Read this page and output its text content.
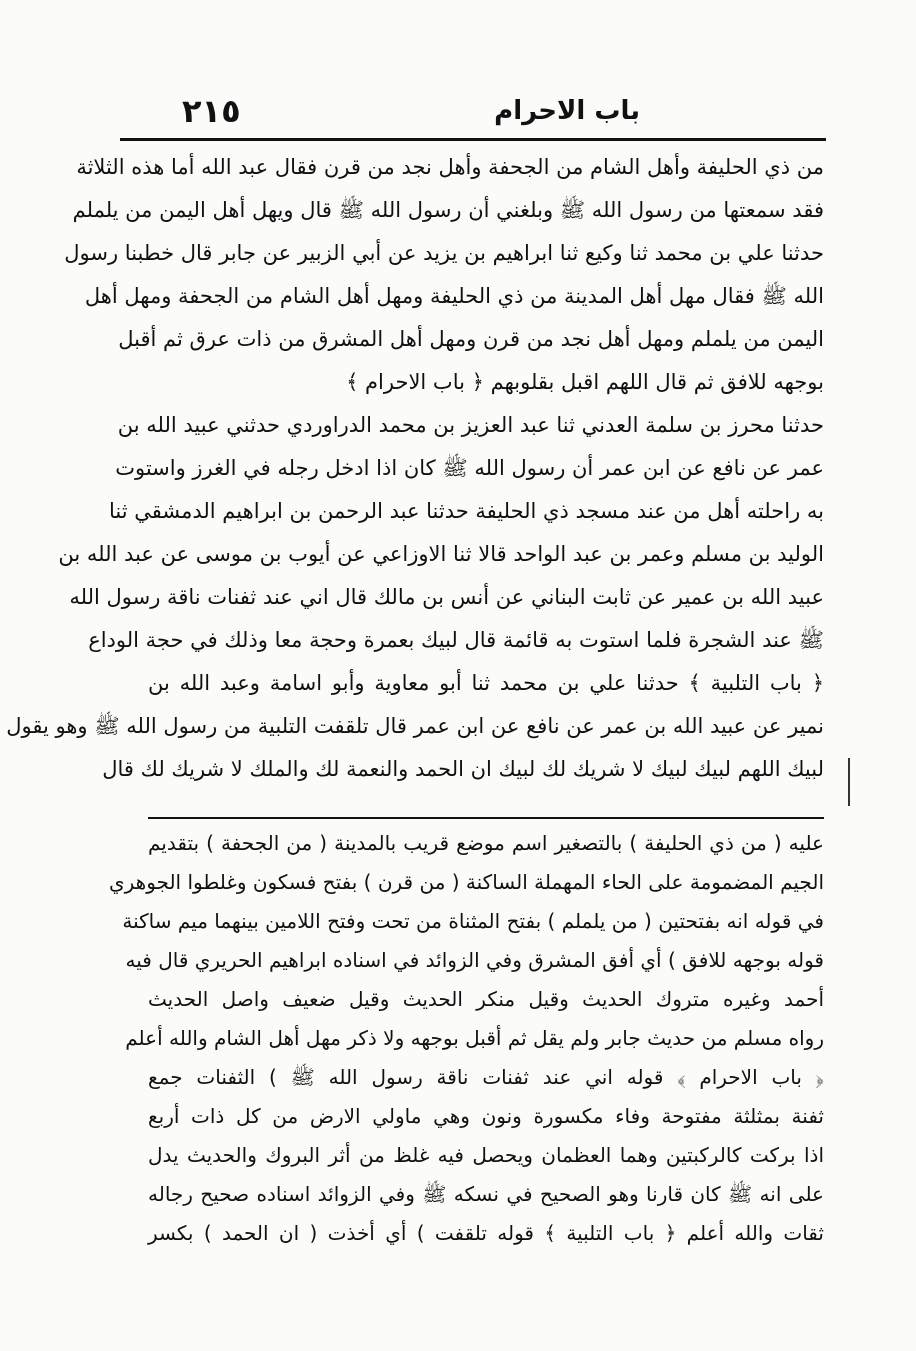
باب الاحرام
٢١٥
من ذي الحليفة وأهل الشام من الجحفة وأهل نجد من قرن فقال عبد الله أما هذه الثلاثة
فقد سمعتها من رسول الله ﷺ وبلغني أن رسول الله ﷺ قال ويهل أهل اليمن من يلملم
حدثنا علي بن محمد ثنا وكيع ثنا ابراهيم بن يزيد عن أبي الزبير عن جابر قال خطبنا رسول
الله ﷺ فقال مهل أهل المدينة من ذي الحليفة ومهل أهل الشام من الجحفة ومهل أهل
اليمن من يلملم ومهل أهل نجد من قرن ومهل أهل المشرق من ذات عرق ثم أقبل
بوجهه للافق ثم قال اللهم اقبل بقلوبهم ﴿ باب الاحرام ﴾
حدثنا محرز بن سلمة العدني ثنا عبد العزيز بن محمد الدراوردي حدثني عبيد الله بن
عمر عن نافع عن ابن عمر أن رسول الله ﷺ كان اذا ادخل رجله في الغرز واستوت
به راحلته أهل من عند مسجد ذي الحليفة حدثنا عبد الرحمن بن ابراهيم الدمشقي ثنا
الوليد بن مسلم وعمر بن عبد الواحد قالا ثنا الاوزاعي عن أيوب بن موسى عن عبد الله بن
عبيد الله بن عمير عن ثابت البناني عن أنس بن مالك قال اني عند ثفنات ناقة رسول الله
ﷺ عند الشجرة فلما استوت به قائمة قال لبيك بعمرة وحجة معا وذلك في حجة الوداع
﴿ باب التلبية ﴾ حدثنا علي بن محمد ثنا أبو معاوية وأبو اسامة وعبد الله بن
نمير عن عبيد الله بن عمر عن نافع عن ابن عمر قال تلقفت التلبية من رسول الله ﷺ وهو يقول
لبيك اللهم لبيك لبيك لا شريك لك لبيك ان الحمد والنعمة لك والملك لا شريك لك قال
عليه ( من ذي الحليفة ) بالتصغير اسم موضع قريب بالمدينة ( من الجحفة ) بتقديم
الجيم المضمومة على الحاء المهملة الساكنة ( من قرن ) بفتح فسكون وغلطوا الجوهري
في قوله انه بفتحتين ( من يلملم ) بفتح المثناة من تحت وفتح اللامين بينهما ميم ساكنة
قوله بوجهه للافق ) أي أفق المشرق وفي الزوائد في اسناده ابراهيم الحريري قال فيه
أحمد وغيره متروك الحديث وقيل منكر الحديث وقيل ضعيف واصل الحديث
رواه مسلم من حديث جابر ولم يقل ثم أقبل بوجهه ولا ذكر مهل أهل الشام والله أعلم
﴿ باب الاحرام ﴾ قوله اني عند ثفنات ناقة رسول الله ﷺ ) الثفنات جمع
ثفنة بمثلثة مفتوحة وفاء مكسورة ونون وهي ماولي الارض من كل ذات أربع
اذا بركت كالركبتين وهما العظمان ويحصل فيه غلظ من أثر البروك والحديث يدل
على انه ﷺ كان قارنا وهو الصحيح في نسكه ﷺ وفي الزوائد اسناده صحيح رجاله
ثقات والله أعلم ﴿ باب التلبية ﴾ قوله تلقفت ) أي أخذت ( ان الحمد ) بكسر
